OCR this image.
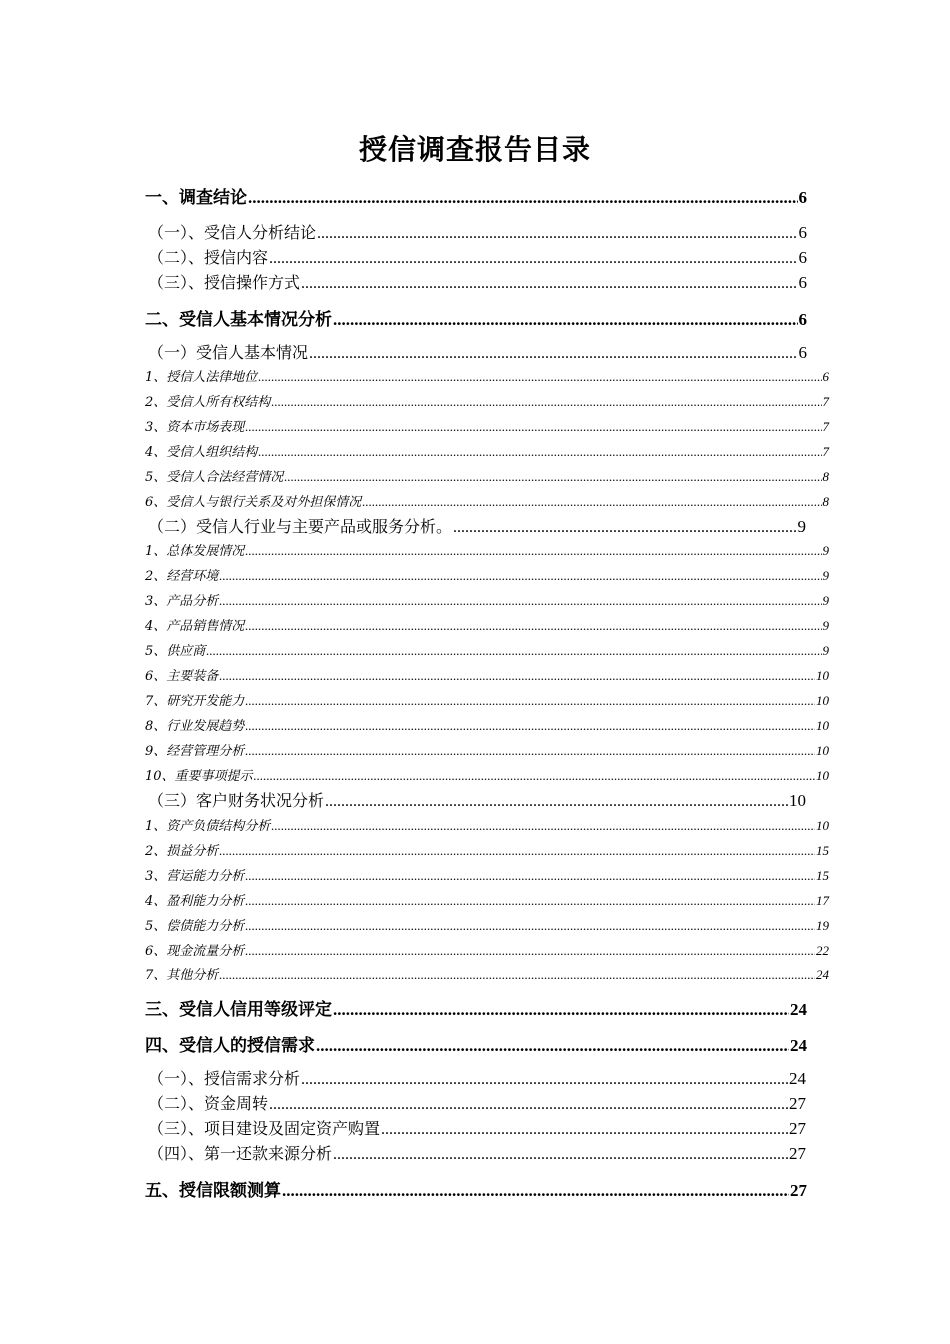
授信调查报告目录
一、调查结论 .....	6
（一）、受信人分析结论 .....	6
（二）、授信内容 .....	6
（三）、授信操作方式 .....	6
二、受信人基本情况分析 .....	6
（一）受信人基本情况 .....	6
1、授信人法律地位 .....	6
2、受信人所有权结构 .....	7
3、资本市场表现 .....	7
4、受信人组织结构 .....	7
5、受信人合法经营情况 .....	8
6、受信人与银行关系及对外担保情况 .....	8
（二）受信人行业与主要产品或服务分析。 .....	9
1、总体发展情况 .....	9
2、经营环境 .....	9
3、产品分析 .....	9
4、产品销售情况 .....	9
5、供应商 .....	9
6、主要装备 .....	10
7、研究开发能力 .....	10
8、行业发展趋势 .....	10
9、经营管理分析 .....	10
10、重要事项提示 .....	10
（三）客户财务状况分析 .....	10
1、资产负债结构分析 .....	10
2、损益分析 .....	15
3、营运能力分析 .....	15
4、盈利能力分析 .....	17
5、偿债能力分析 .....	19
6、现金流量分析 .....	22
7、其他分析 .....	24
三、受信人信用等级评定 .....	24
四、受信人的授信需求 .....	24
（一）、授信需求分析 .....	24
（二）、资金周转 .....	27
（三）、项目建设及固定资产购置 .....	27
（四）、第一还款来源分析 .....	27
五、授信限额测算 .....	27
